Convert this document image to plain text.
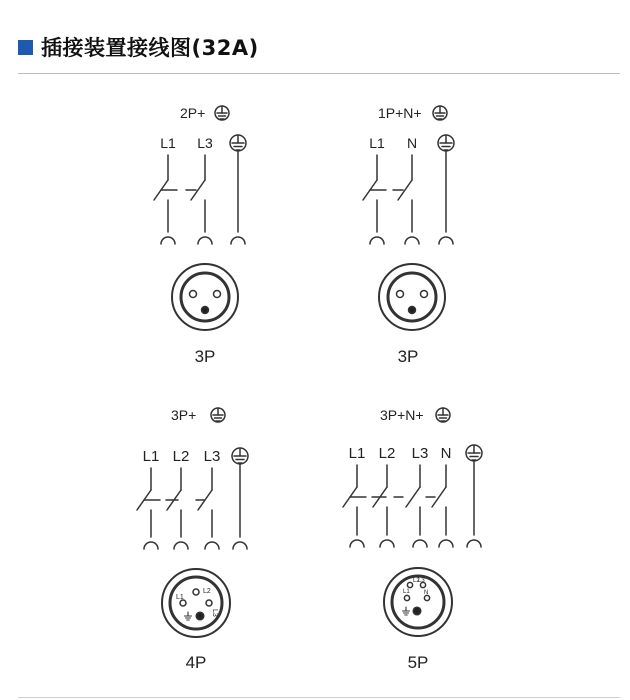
插接装置接线图(32A)
2P+
L1 L3
3P
1P+N+
L1 N
3P
3P+
L1 L2 L3
L2
L1
L3
4P
3P+N+
L1 L2 L3 N
L1
L2
L3
N
5P
